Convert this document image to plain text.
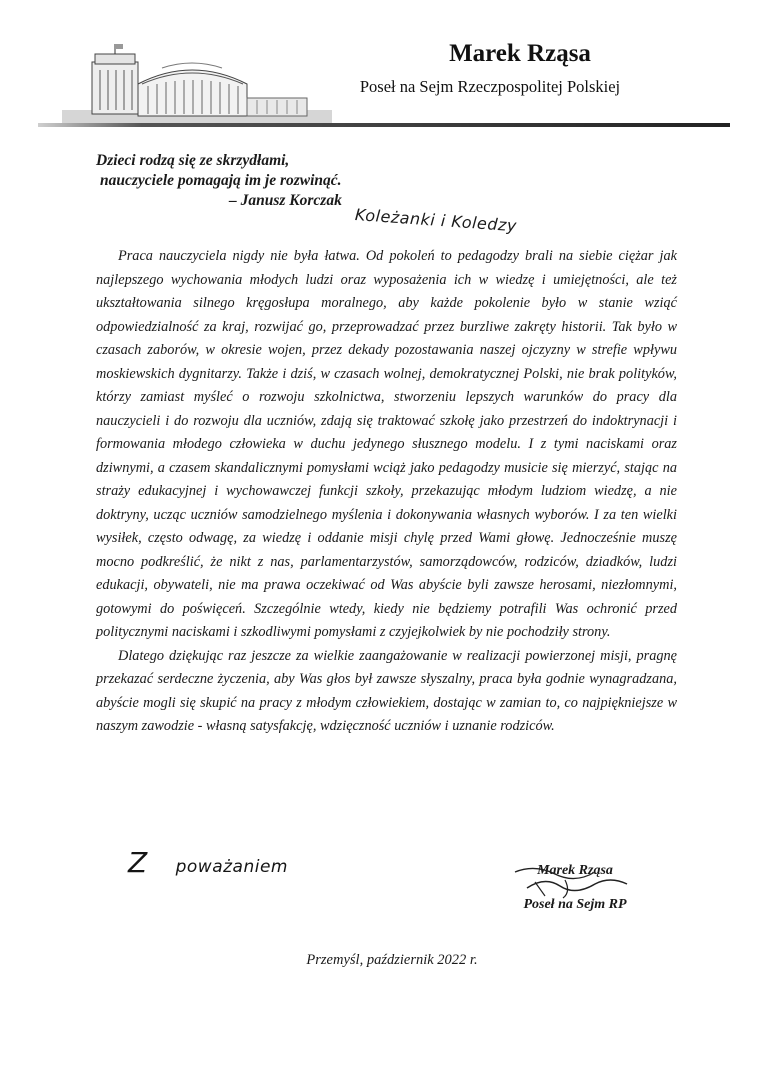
Marek Rząsa
Poseł na Sejm Rzeczpospolitej Polskiej
Dzieci rodzą się ze skrzydłami,
nauczyciele pomagają im je rozwinąć.
– Janusz Korczak
Koleżanki i Koledzy

Praca nauczyciela nigdy nie była łatwa. Od pokoleń to pedagodzy brali na siebie ciężar jak najlepszego wychowania młodych ludzi oraz wyposażenia ich w wiedzę i umiejętności, ale też ukształtowania silnego kręgosłupa moralnego, aby każde pokolenie było w stanie wziąć odpowiedzialność za kraj, rozwijać go, przeprowadzać przez burzliwe zakręty historii. Tak było w czasach zaborów, w okresie wojen, przez dekady pozostawania naszej ojczyzny w strefie wpływu moskiewskich dygnitarzy. Także i dziś, w czasach wolnej, demokratycznej Polski, nie brak polityków, którzy zamiast myśleć o rozwoju szkolnictwa, stworzeniu lepszych warunków do pracy dla nauczycieli i do rozwoju dla uczniów, zdają się traktować szkołę jako przestrzeń do indoktrynacji i formowania młodego człowieka w duchu jedynego słusznego modelu. I z tymi naciskami oraz dziwnymi, a czasem skandalicznymi pomysłami wciąż jako pedagodzy musicie się mierzyć, stając na straży edukacyjnej i wychowawczej funkcji szkoły, przekazując młodym ludziom wiedzę, a nie doktryny, ucząc uczniów samodzielnego myślenia i dokonywania własnych wyborów. I za ten wielki wysiłek, często odwagę, za wiedzę i oddanie misji chylę przed Wami głowę. Jednocześnie muszę mocno podkreślić, że nikt z nas, parlamentarzystów, samorządowców, rodziców, dziadków, ludzi edukacji, obywateli, nie ma prawa oczekiwać od Was abyście byli zawsze herosami, niezłomnymi, gotowymi do poświęceń. Szczególnie wtedy, kiedy nie będziemy potrafili Was ochronić przed politycznymi naciskami i szkodliwymi pomysłami z czyjejkolwiek by nie pochodziły strony.

Dlatego dziękując raz jeszcze za wielkie zaangażowanie w realizacji powierzonej misji, pragnę przekazać serdeczne życzenia, aby Was głos był zawsze słyszalny, praca była godnie wynagradzana, abyście mogli się skupić na pracy z młodym człowiekiem, dostając w zamian to, co najpiękniejsze w naszym zawodzie - własną satysfakcję, wdzięczność uczniów i uznanie rodziców.

Z poważaniem	Marek Rząsa
Poseł na Sejm RP
Przemyśl, październik 2022 r.
